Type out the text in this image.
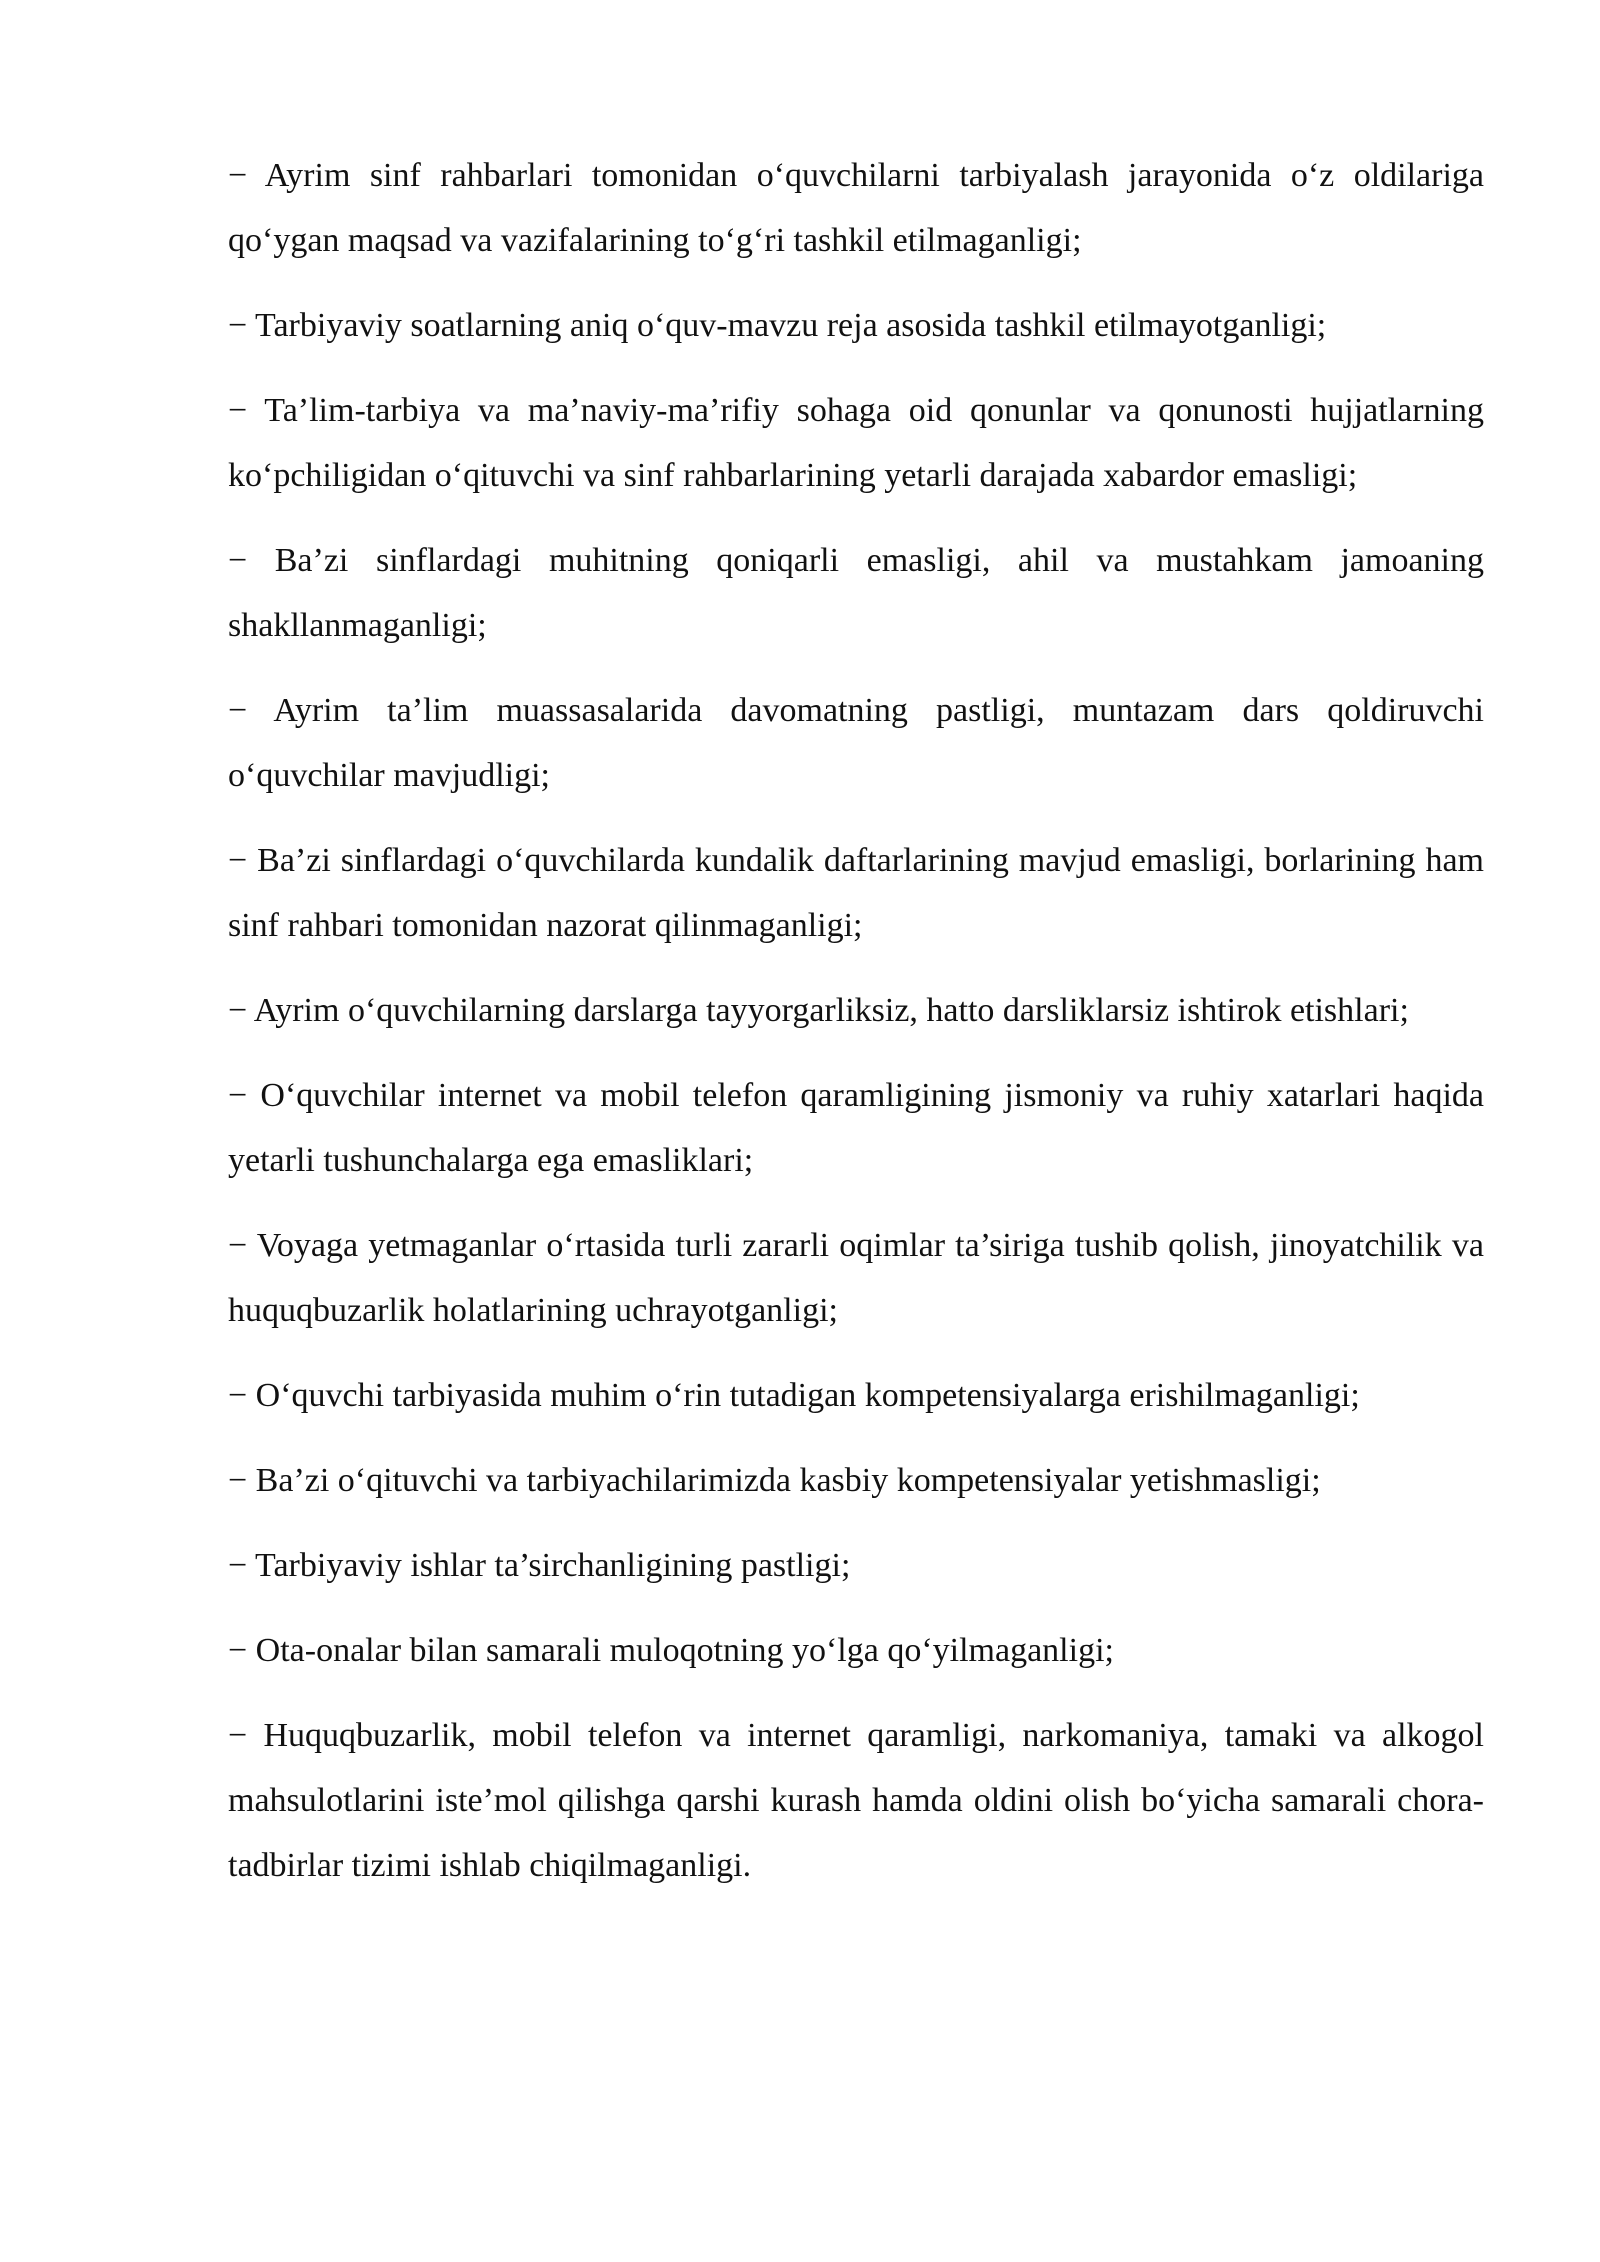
− Ayrim sinf rahbarlari tomonidan o‘quvchilarni tarbiyalash jarayonida o‘z oldilariga qo‘ygan maqsad va vazifalarining to‘g‘ri tashkil etilmaganligi;

− Tarbiyaviy soatlarning aniq o‘quv-mavzu reja asosida tashkil etilmayotganligi;

− Ta’lim-tarbiya va ma’naviy-ma’rifiy sohaga oid qonunlar va qonunosti hujjatlarning ko‘pchiligidan o‘qituvchi va sinf rahbarlarining yetarli darajada xabardor emasligi;

− Ba’zi sinflardagi muhitning qoniqarli emasligi, ahil va mustahkam jamoaning shakllanmaganligi;

− Ayrim ta’lim muassasalarida davomatning pastligi, muntazam dars qoldiruvchi o‘quvchilar mavjudligi;

− Ba’zi sinflardagi o‘quvchilarda kundalik daftarlarining mavjud emasligi, borlarining ham sinf rahbari tomonidan nazorat qilinmaganligi;

− Ayrim o‘quvchilarning darslarga tayyorgarliksiz, hatto darsliklarsiz ishtirok etishlari;

− O‘quvchilar internet va mobil telefon qaramligining jismoniy va ruhiy xatarlari haqida yetarli tushunchalarga ega emasliklari;

− Voyaga yetmaganlar o‘rtasida turli zararli oqimlar ta’siriga tushib qolish, jinoyatchilik va huquqbuzarlik holatlarining uchrayotganligi;

− O‘quvchi tarbiyasida muhim o‘rin tutadigan kompetensiyalarga erishilmaganligi;

− Ba’zi o‘qituvchi va tarbiyachilarimizda kasbiy kompetensiyalar yetishmasligi;

− Tarbiyaviy ishlar ta’sirchanligining pastligi;

− Ota-onalar bilan samarali muloqotning yo‘lga qo‘yilmaganligi;

− Huquqbuzarlik, mobil telefon va internet qaramligi, narkomaniya, tamaki va alkogol mahsulotlarini iste’mol qilishga qarshi kurash hamda oldini olish bo‘yicha samarali chora-tadbirlar tizimi ishlab chiqilmaganligi.
